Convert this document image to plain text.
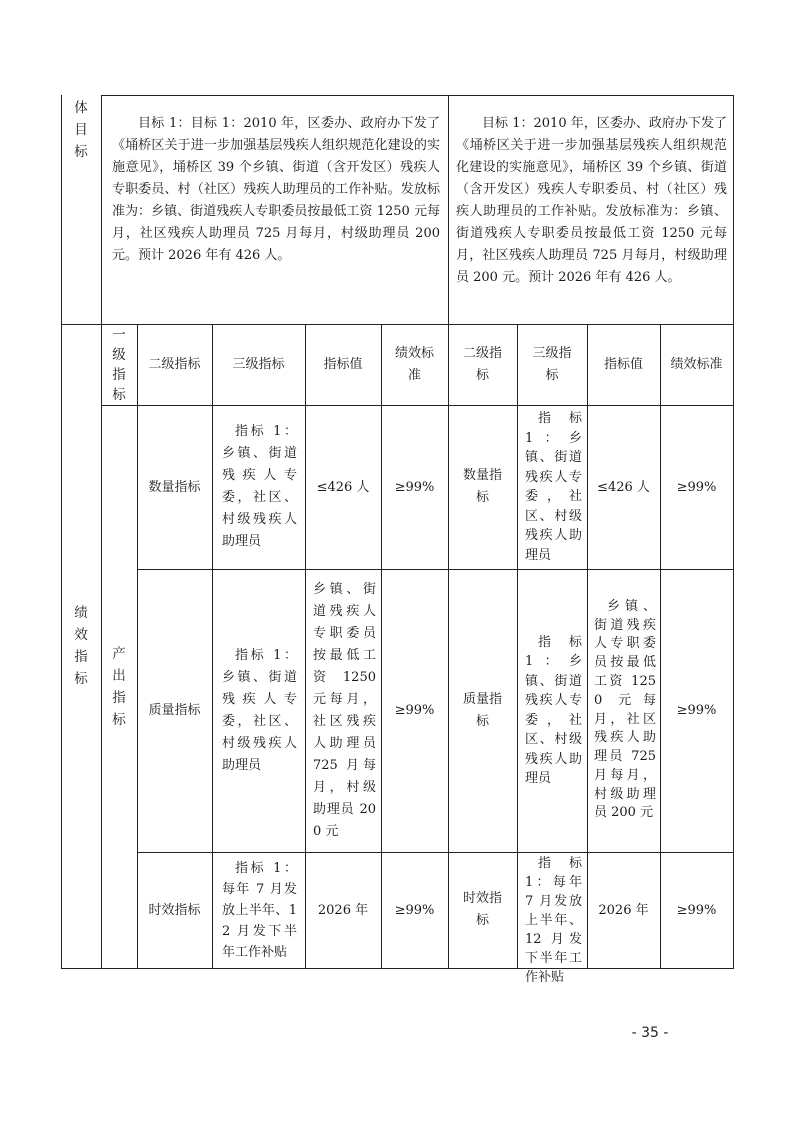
体目标
目标 1：目标 1：2010 年，区委办、政府办下发了《埇桥区关于进一步加强基层残疾人组织规范化建设的实施意见》，埇桥区 39 个乡镇、街道（含开发区）残疾人专职委员、村（社区）残疾人助理员的工作补贴。发放标准为：乡镇、街道残疾人专职委员按最低工资 1250 元每月，社区残疾人助理员 725 月每月，村级助理员 200 元。预计 2026 年有 426 人。
目标 1：2010 年，区委办、政府办下发了《埇桥区关于进一步加强基层残疾人组织规范化建设的实施意见》，埇桥区 39 个乡镇、街道（含开发区）残疾人专职委员、村（社区）残疾人助理员的工作补贴。发放标准为：乡镇、街道残疾人专职委员按最低工资 1250 元每月，社区残疾人助理员 725 月每月，村级助理员 200 元。预计 2026 年有 426 人。
绩效指标
一级指标
二级指标 三级指标	指标值
绩效标准
二级指标
三级指标
指标值 绩效标准
产出指标
数量指标
指标 1：乡镇、街道残疾人专委，社区、村级残疾人助理员
≤426 人 ≥99%
数量指标
指标 1：乡镇、街道残疾人专委，社区、村级残疾人助理员
≤426 人 ≥99%
质量指标
指标 1：乡镇、街道残疾人专委，社区、村级残疾人助理员
乡镇、街道残疾人专职委员按最低工资 1250 元每月，社区残疾人助理员 725 月每月，村级助理员 200 元
≥99%
质量指标
指标 1：乡镇、街道残疾人专委，社区、村级残疾人助理员
乡镇、街道残疾人专职委员按最低工资 1250 元每月，社区残疾人助理员 725 月每月，村级助理员 200 元
≥99%
时效指标
指标 1：每年 7 月发放上半年、12 月发下半年工作补贴
2026 年 ≥99%
时效指标
指标 1：每年 7 月发放上半年、12 月发下半年工作补贴
2026 年 ≥99%
- 35 -
